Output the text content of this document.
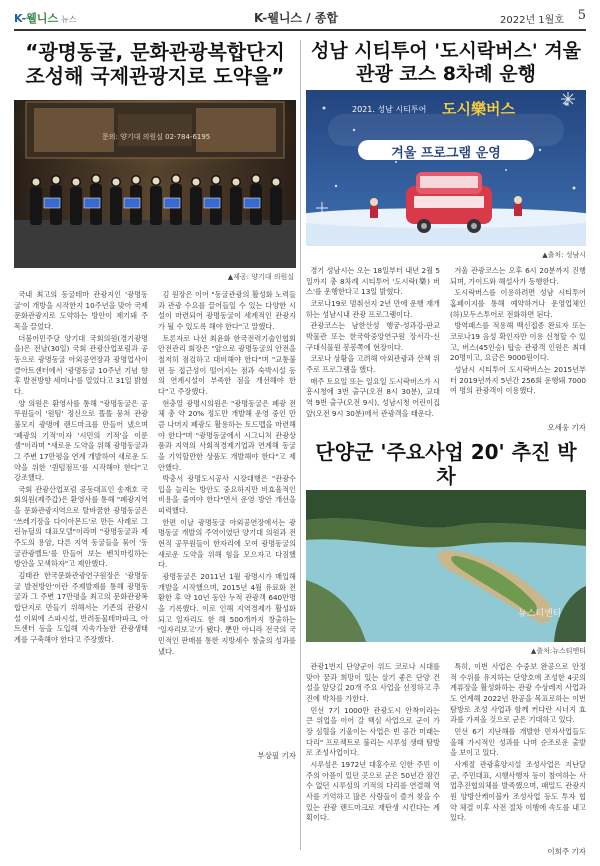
K-웰니스 뉴스	K-웰니스 / 종합	2022년 1월호 5
“광명동굴, 문화관광복합단지 조성해 국제관광지로 도약을”
문의: 양기대 의원실 02-784-6195
▲제공: 양기대 의원실

국내 최고의 동굴테마 관광지인 '광명동굴'이 개방을 시작한지 10주년을 맞아 국제문화관광지로 도약하는 방안이 제기돼 주목을 끌었다.

더불어민주당 양기대 국회의원(경기광명을)은 전날(30일) 국회 관광산업포럼과 공동으로 광명동굴 아외공연장과 광명업사이클아트센터에서 '광명동굴 10주년 기념 향후 발전방향 세미나'를 열었다고 31일 밝혔다.

양 의원은 환영사를 통해 "광명동굴은 공무원들이 '원팀' 정신으로 똘똘 뭉쳐 관광 불모지 광명에 랜드마크를 만들어 냈으며 '폐광의 기적'이자 '시민의 기적'을 이룬 셈"이라며 "새로운 도약을 위해 광명동굴과 그 주변 17만평을 연계 개발하여 새로운 도약을 위한 '퀀텀점프'를 시작해야 한다"고 강조했다.

국회 관광산업포럼 공동대표인 송재호 국회의원(제주갑)은 환영사를 통해 "폐광지역을 문화관광지역으로 탈바꿈한 광명동굴은 '쓰레기장을 다이아몬드'로 만든 사례로 그린뉴딜의 대표모델"이라며 "광명동굴과 제주도의 용암, 다른 지역 동굴들을 묶어 '동굴관광벨트'를 만들어 보는 벤치마킹하는 방안을 모색하자"고 제안했다.

김태관 한국문화관광연구원장은 '광명동굴 발전방안'이란 주제발제를 통해 광명동굴과 그 주변 17만평을 최고의 문화관광복합단지로 만들기 위해서는 기존의 관광시설 이외에 스파시설, 반려동물테마파크, 아트센터 등을 도입해 지속가능한 관광생태계를 구축해야 한다고 주장했다.

김 원장은 이어 "동굴관광의 활성화 노력들과 관광 수요를 끌어들일 수 있는 다양한 시설이 마련되어 광명동굴이 세계적인 관광지가 될 수 있도록 해야 한다"고 말했다.

토론자로 나선 최윤화 한국전력기술인협회 안전관리 회장은 "앞으로 광명동굴의 안전을 철저히 점검하고 대비해야 한다"며 "교통불편 등 접근성이 떨어지는 점과 숙박시설 등의 연계시설이 부족한 점을 개선해야 한다"고 주장했다.

현충열 광명시의원은 "광명동굴은 폐광 전체 총 약 20% 정도만 개발해 운영 중인 만큼 나머지 폐광도 활용하는 토드맵을 마련해야 한다"며 "광명동굴에서 시그니처 관광상품과 지역의 사회적경제기업과 연계해 동굴을 기억할만한 상품도 개발해야 한다"고 제안했다.

박충서 광명도시공사 시장대행은 "관광수입을 늘리는 방안도 중요하지만 비효율적인 비용을 줄여야 한다"면서 운영 방안 개선을 피력했다.

한편 이날 광명동굴 아외공연장에서는 광명동굴 개발의 주역이였던 양기대 의원과 전 현직 공무원들이 한자리에 모여 광명동굴의 새로운 도약을 위해 힘을 모으자고 다짐했다.

광명동굴은 2011년 1월 광명시가 매입해 개발을 시작했으며, 2015년 4월 유료화 전환한 후 약 10년 동안 누적 관광객 640만명을 기록했다. 이로 인해 지역경제가 활성화되고 일자리도 한 해 500개까지 창출하는 '일자리보고'가 됐다. 뿐만 아니라 전국의 국민적인 판매를 통한 지방세수 창출의 성과를 냈다.

부상필 기자
성남 시티투어 '도시락버스' 겨울관광 코스 8차례 운행
2021. 성남 시티투어 도시樂버스
겨울 프로그램 운영
▲출처: 성남시

경기 성남시는 오는 18일부터 내년 2월 5일까지 총 8차례 시티투어 '도시락(樂) 버스'를 운행한다고 13일 밝혔다.

코로나19로 멈춰선지 2년 만에 운행 재개하는 성남시내 관광 프로그램이다.

관광코스는 남한산성 행궁-성과강-판교 박물관 또는 한국학중앙연구원 장서각-신구대식물원 봉봉쪽에 현장이다.

코로나 상황을 고려해 아외관광과 산책 위주로 프로그램을 했다.

매주 토요일 또는 일요일 도시락버스가 시흥시청에 3번 출구(오전 8시 30분), 교대역 9번 출구(오전 9시), 성남시청 어린이집 앞(오전 9시 30분)에서 관광객을 태운다.

겨울 관광코스는 오후 6시 20분까지 진행되며, 가이드와 해설사가 동행한다.

도시락버스를 이용하려면 성남 시티투어 홈페이지를 통해 예약하거나 운영업체인 (하)모두스투어로 전화하면 된다.

방역패스를 적용해 백신접종 완료자 또는 코로나19 음성 확인자만 이용 신청할 수 있고, 버스(45인승) 탑승 관광객 인원은 최대 20명이고, 요금은 9000원이다.

성남시 시티투어 도시락버스는 2015년부터 2019년까지 5년간 256회 운행돼 7000여 명의 관광객이 이용했다.

오세웅 기자
단양군 '주요사업 20' 추진 박차
뉴스티앤티
▲출처:뉴스티앤티

관광1번지 단양군이 위드 코로나 시대를 맞아 꿈과 희망이 있는 살기 좋은 단양 건설을 앞당길 20개 주요 사업을 선정하고 추진에 박차를 가한다.

민선 7기 1000만 관광도시 안착이라는 큰 위업을 이어 갈 핵심 사업으로 군이 가장 심혈을 기울이는 사업은 빈 공간 미래는 다리" 프로젝트로 불리는 시루섬 생태 탐방로 조성사업이다.

시루섬은 1972년 대홍수로 인한 주민 이주의 아픔이 있던 곳으로 군은 50년간 잠긴 수 없던 시루섬의 기적의 다리를 연결해 역사를 기억하고 많은 사람들이 즐겨 찾을 수 있는 관광 랜드마크로 재탄생 시킨다는 계획이다.

특히, 이번 사업은 수중보 완공으로 안정적 수위를 유지하는 단양호에 조성한 4곳의 계류장을 활성화하는 관광 수상레저 사업과도 연계해 2022년 완공을 목표로하는 이번 탐방로 조성 사업과 함께 커다란 시너지 효과를 가져올 것으로 군은 기대하고 있다.

민선 6기 지난해를 개발한 민자사업들도 올해 가시적인 성과를 나며 순조로운 출발을 보이고 있다.

사계절 관광휴양시설 조성사업은 지난달 군, 주민대표, 시행사행자 등이 참여하는 사업추진협의체를 발족했으며, 패밀드 관광지원 양방산케이블카 조성사업 등도 투자 협약 체결 이후 사전 절차 이행에 속도를 내고 있다.

이희주 기자
